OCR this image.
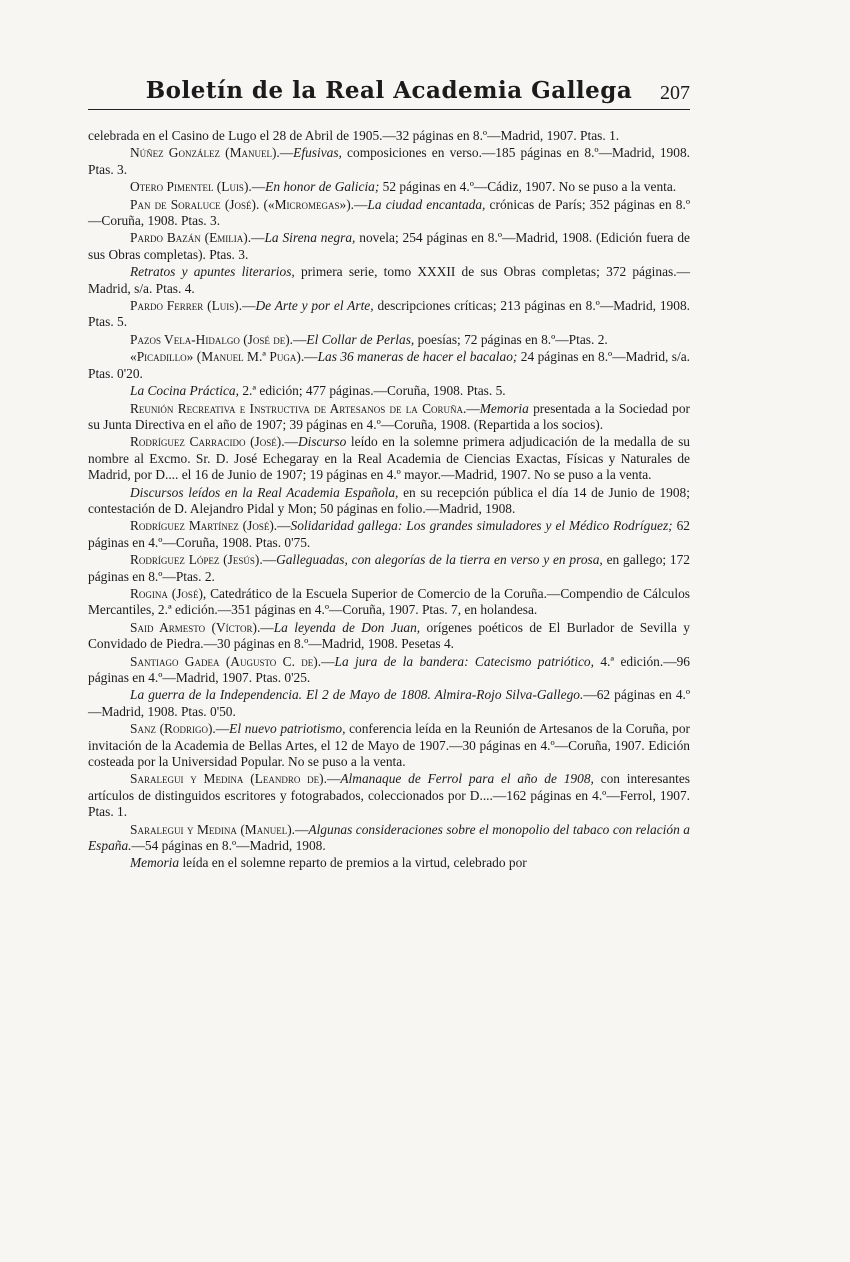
Boletín de la Real Academia Gallega	207

celebrada en el Casino de Lugo el 28 de Abril de 1905.—32 páginas en 8.º—Madrid, 1907. Ptas. 1.

Núñez González (Manuel).—Efusivas, composiciones en verso.—185 páginas en 8.º—Madrid, 1908. Ptas. 3.

Otero Pimentel (Luis).—En honor de Galicia; 52 páginas en 4.º—Cádiz, 1907. No se puso a la venta.

Pan de Soraluce (José). («Micromegas»).—La ciudad encantada, crónicas de París; 352 páginas en 8.º—Coruña, 1908. Ptas. 3.

Pardo Bazán (Emilia).—La Sirena negra, novela; 254 páginas en 8.º—Madrid, 1908. (Edición fuera de sus Obras completas). Ptas. 3.

Retratos y apuntes literarios, primera serie, tomo XXXII de sus Obras completas; 372 páginas.—Madrid, s/a. Ptas. 4.

Pardo Ferrer (Luis).—De Arte y por el Arte, descripciones críticas; 213 páginas en 8.º—Madrid, 1908. Ptas. 5.

Pazos Vela-Hidalgo (José de).—El Collar de Perlas, poesías; 72 páginas en 8.º—Ptas. 2.

«Picadillo» (Manuel M.ª Puga).—Las 36 maneras de hacer el bacalao; 24 páginas en 8.º—Madrid, s/a. Ptas. 0'20.

La Cocina Práctica, 2.ª edición; 477 páginas.—Coruña, 1908. Ptas. 5.

Reunión Recreativa e Instructiva de Artesanos de la Coruña.—Memoria presentada a la Sociedad por su Junta Directiva en el año de 1907; 39 páginas en 4.º—Coruña, 1908. (Repartida a los socios).

Rodríguez Carracido (José).—Discurso leído en la solemne primera adjudicación de la medalla de su nombre al Excmo. Sr. D. José Echegaray en la Real Academia de Ciencias Exactas, Físicas y Naturales de Madrid, por D.... el 16 de Junio de 1907; 19 páginas en 4.º mayor.—Madrid, 1907. No se puso a la venta.

Discursos leídos en la Real Academia Española, en su recepción pública el día 14 de Junio de 1908; contestación de D. Alejandro Pidal y Mon; 50 páginas en folio.—Madrid, 1908.

Rodríguez Martínez (José).—Solidaridad gallega: Los grandes simuladores y el Médico Rodríguez; 62 páginas en 4.º—Coruña, 1908. Ptas. 0'75.

Rodríguez López (Jesús).—Galleguadas, con alegorías de la tierra en verso y en prosa, en gallego; 172 páginas en 8.º—Ptas. 2.

Rogina (José), Catedrático de la Escuela Superior de Comercio de la Coruña.—Compendio de Cálculos Mercantiles, 2.ª edición.—351 páginas en 4.º—Coruña, 1907. Ptas. 7, en holandesa.

Said Armesto (Víctor).—La leyenda de Don Juan, orígenes poéticos de El Burlador de Sevilla y Convidado de Piedra.—30 páginas en 8.º—Madrid, 1908. Pesetas 4.

Santiago Gadea (Augusto C. de).—La jura de la bandera: Catecismo patriótico, 4.ª edición.—96 páginas en 4.º—Madrid, 1907. Ptas. 0'25.

La guerra de la Independencia. El 2 de Mayo de 1808. Almira-Rojo Silva-Gallego.—62 páginas en 4.º—Madrid, 1908. Ptas. 0'50.

Sanz (Rodrigo).—El nuevo patriotismo, conferencia leída en la Reunión de Artesanos de la Coruña, por invitación de la Academia de Bellas Artes, el 12 de Mayo de 1907.—30 páginas en 4.º—Coruña, 1907. Edición costeada por la Universidad Popular. No se puso a la venta.

Saralegui y Medina (Leandro de).—Almanaque de Ferrol para el año de 1908, con interesantes artículos de distinguidos escritores y fotograbados, coleccionados por D....—162 páginas en 4.º—Ferrol, 1907. Ptas. 1.

Saralegui y Medina (Manuel).—Algunas consideraciones sobre el monopolio del tabaco con relación a España.—54 páginas en 8.º—Madrid, 1908.

Memoria leída en el solemne reparto de premios a la virtud, celebrado por
